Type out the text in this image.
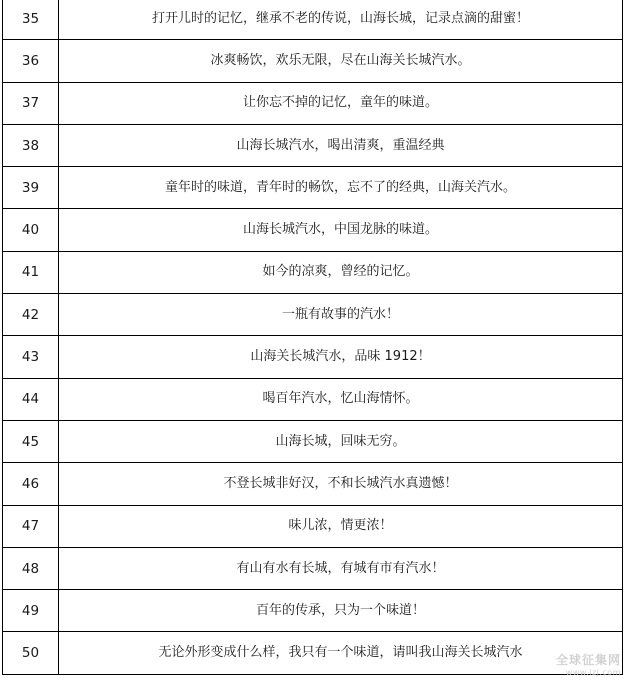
35	打开儿时的记忆，继承不老的传说，山海长城，记录点滴的甜蜜！
36	冰爽畅饮，欢乐无限，尽在山海关长城汽水。
37	让你忘不掉的记忆，童年的味道。
38	山海长城汽水，喝出清爽，重温经典
39	童年时的味道，青年时的畅饮，忘不了的经典，山海关汽水。
40	山海长城汽水，中国龙脉的味道。
41	如今的凉爽，曾经的记忆。
42	一瓶有故事的汽水！
43	山海关长城汽水，品味 1912！
44	喝百年汽水，忆山海情怀。
45	山海长城，回味无穷。
46	不登长城非好汉，不和长城汽水真遗憾！
47	味儿浓，情更浓！
48	有山有水有长城，有城有市有汽水！
49	百年的传承，只为一个味道！
50	无论外形变成什么样，我只有一个味道，请叫我山海关长城汽水	全球征集网
www.lzj.com
